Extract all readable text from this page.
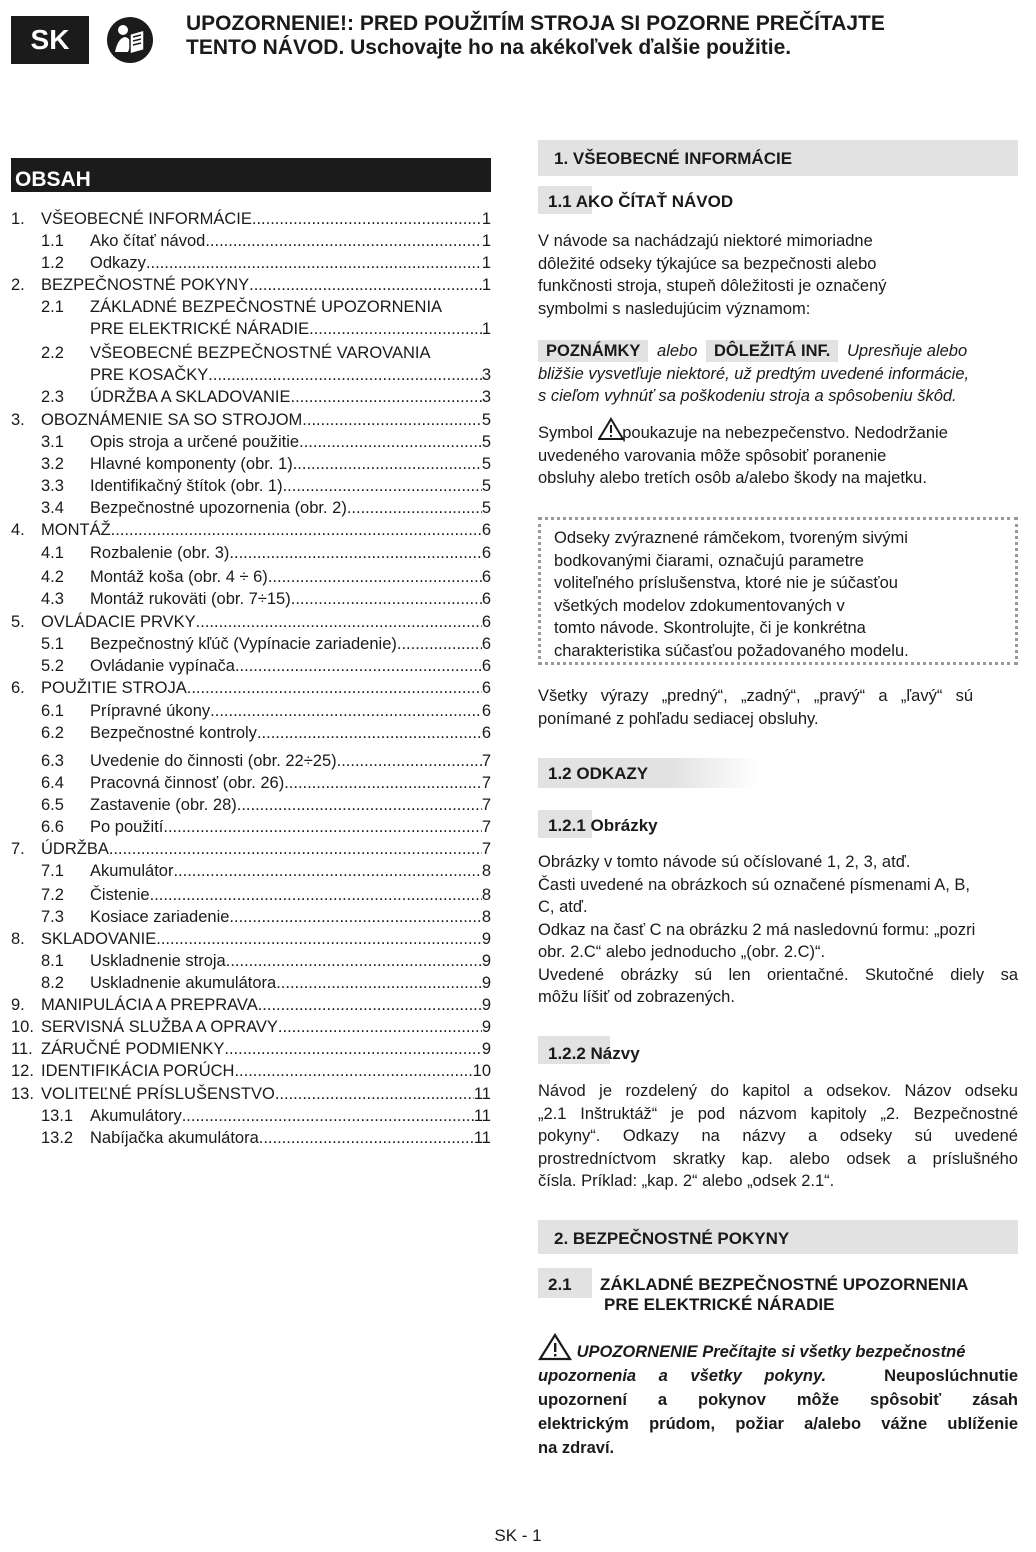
SK
UPOZORNENIE!: PRED POUŽITÍM STROJA SI POZORNE PREČÍTAJTE
TENTO NÁVOD. Uschovajte ho na akékoľvek ďalšie použitie.
OBSAH
1. VŠEOBECNÉ INFORMÁCIE .....	1
1.1	Ako čítať návod .....	1
1.2	Odkazy .....	1
2. BEZPEČNOSTNÉ POKYNY .....	1
2.1	ZÁKLADNÉ BEZPEČNOSTNÉ UPOZORNENIA
PRE ELEKTRICKÉ NÁRADIE .....	1
2.2	VŠEOBECNÉ BEZPEČNOSTNÉ VAROVANIA
PRE KOSAČKY .....	3
2.3	ÚDRŽBA A SKLADOVANIE .....	3
3. OBOZNÁMENIE SA SO STROJOM .....	5
3.1	Opis stroja a určené použitie .....	5
3.2	Hlavné komponenty (obr. 1) .....	5
3.3	Identifikačný štítok (obr. 1) .....	5
3.4	Bezpečnostné upozornenia (obr. 2). .....	5
4. MONTÁŽ .....	6
4.1	Rozbalenie (obr. 3) .....	6
4.2	Montáž koša (obr. 4 ÷ 6) .....	6
4.3	Montáž rukoväti (obr. 7÷15) .....	6
5. OVLÁDACIE PRVKY .....	6
5.1	Bezpečnostný kľúč (Vypínacie zariadenie) .....	6
5.2	Ovládanie vypínača .....	6
6. POUŽITIE STROJA .....	6
6.1	Prípravné úkony .....	6
6.2	Bezpečnostné kontroly .....	6
6.3	Uvedenie do činnosti (obr. 22÷25) .....	7
6.4	Pracovná činnosť (obr. 26) .....	7
6.5	Zastavenie (obr. 28) .....	7
6.6	Po použití .....	7
7. ÚDRŽBA .....	7
7.1	Akumulátor .....	8
7.2	Čistenie .....	8
7.3	Kosiace zariadenie .....	8
8. SKLADOVANIE .....	9
8.1	Uskladnenie stroja .....	9
8.2	Uskladnenie akumulátora .....	9
9. MANIPULÁCIA A PREPRAVA .....	9
10. SERVISNÁ SLUŽBA A OPRAVY .....	9
11. ZÁRUČNÉ PODMIENKY .....	9
12. IDENTIFIKÁCIA PORÚCH .....	10
13. VOLITEĽNÉ PRÍSLUŠENSTVO .....	11
13.1	Akumulátory .....	11
13.2	Nabíjačka akumulátora .....	11
1. VŠEOBECNÉ INFORMÁCIE
1.1 AKO ČÍTAŤ NÁVOD
V návode sa nachádzajú niektoré mimoriadne
dôležité odseky týkajúce sa bezpečnosti alebo
funkčnosti stroja, stupeň dôležitosti je označený
symbolmi s nasledujúcim významom:
POZNÁMKY alebo DÔLEŽITÁ INF. Upresňuje alebo
bližšie vysvetľuje niektoré, už predtým uvedené informácie,
s cieľom vyhnúť sa poškodeniu stroja a spôsobeniu škôd.
Symbol poukazuje na nebezpečenstvo. Nedodržanie
uvedeného varovania môže spôsobiť poranenie
obsluhy alebo tretích osôb a/alebo škody na majetku.
Odseky zvýraznené rámčekom, tvoreným sivými
bodkovanými čiarami, označujú parametre
voliteľného príslušenstva, ktoré nie je súčasťou
všetkých modelov zdokumentovaných v
tomto návode. Skontrolujte, či je konkrétna
charakteristika súčasťou požadovaného modelu.
Všetky výrazy „predný“, „zadný“, „pravý“ a „ľavý“ sú
ponímané z pohľadu sediacej obsluhy.
1.2 ODKAZY
1.2.1 Obrázky
Obrázky v tomto návode sú očíslované 1, 2, 3, atď.
Časti uvedené na obrázkoch sú označené písmenami A, B,
C, atď.
Odkaz na časť C na obrázku 2 má nasledovnú formu: „pozri
obr. 2.C“ alebo jednoducho „(obr. 2.C)“.
Uvedené obrázky sú len orientačné. Skutočné diely sa
môžu líšiť od zobrazených.
1.2.2 Názvy
Návod je rozdelený do kapitol a odsekov. Názov odseku
„2.1 Inštruktáž“ je pod názvom kapitoly „2. Bezpečnostné
pokyny“. Odkazy na názvy a odseky sú uvedené
prostredníctvom skratky kap. alebo odsek a príslušného
čísla. Príklad: „kap. 2“ alebo „odsek 2.1“.
2. BEZPEČNOSTNÉ POKYNY
2.1 ZÁKLADNÉ BEZPEČNOSTNÉ UPOZORNENIA
PRE ELEKTRICKÉ NÁRADIE
UPOZORNENIE Prečítajte si všetky bezpečnostné
upozornenia a všetky pokyny.	Neuposlúchnutie
upozornení a pokynov môže spôsobiť zásah
elektrickým prúdom, požiar a/alebo vážne ublíženie
na zdraví.
SK - 1
